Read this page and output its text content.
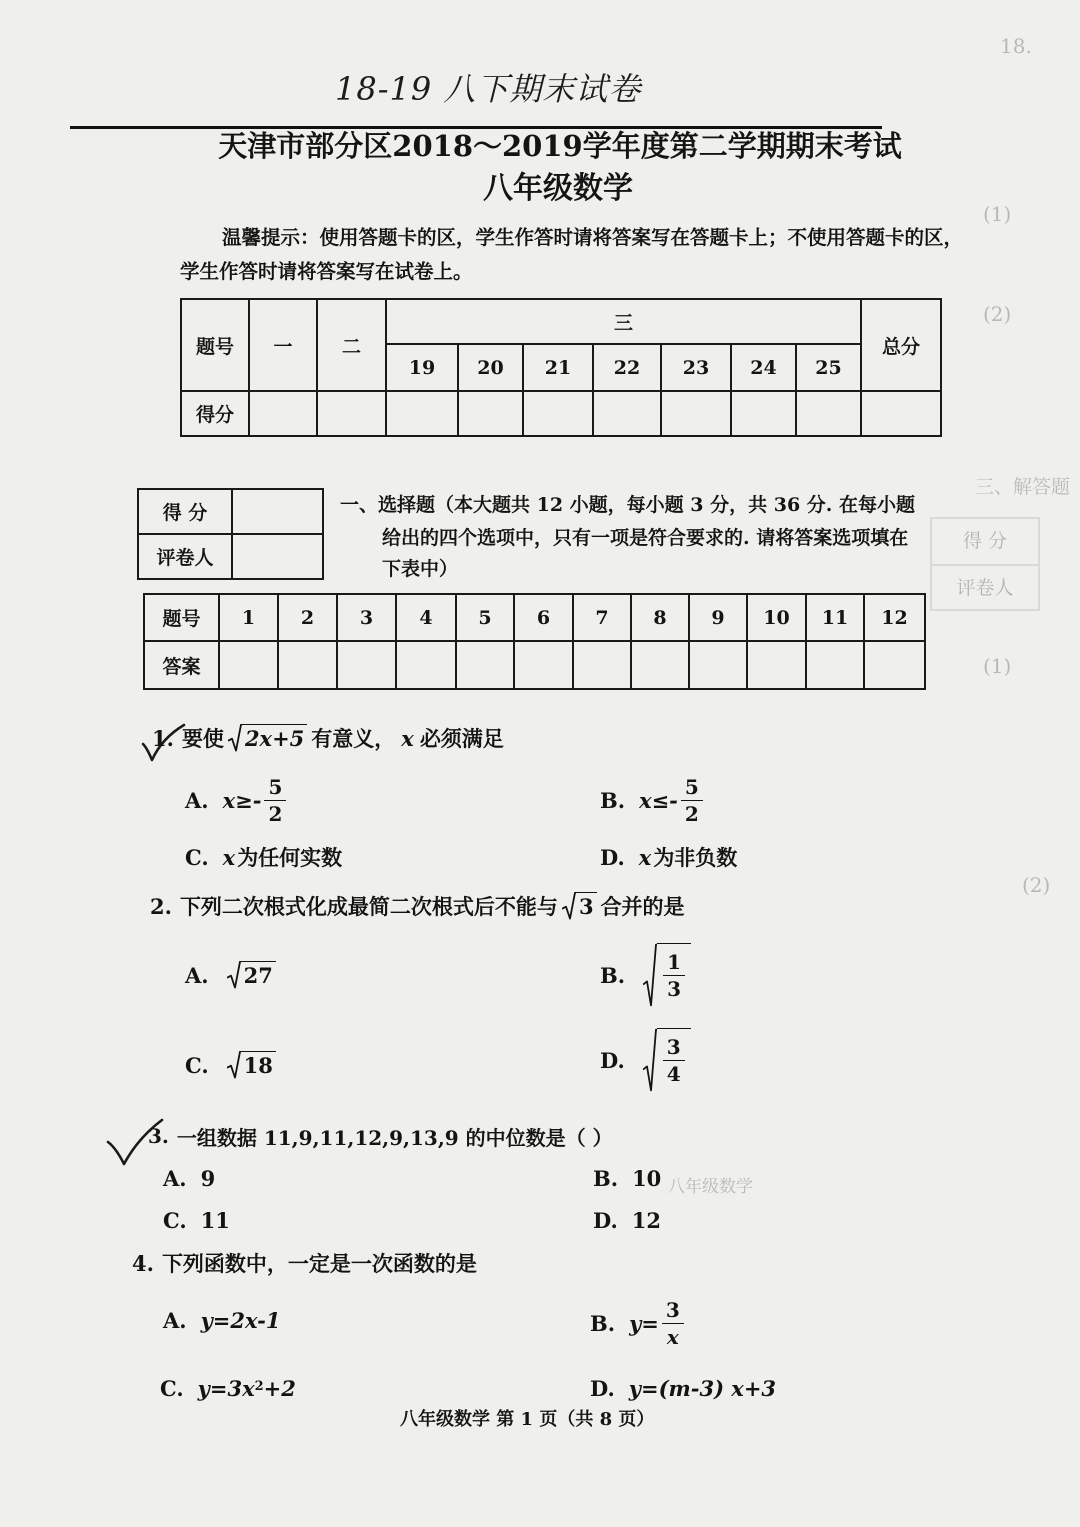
18.
(1)
(2)
三、解答题
得 分
评卷人
(1)
(2)
八年级数学
18-19 八下期末试卷
天津市部分区2018～2019学年度第二学期期末考试
八年级数学
温馨提示：使用答题卡的区，学生作答时请将答案写在答题卡上；不使用答题卡的区，
学生作答时请将答案写在试卷上。
题号	一	二	三							总分
			19	20	21	22	23	24	25	
得分										
得 分	
评卷人	
一、选择题（本大题共 12 小题，每小题 3 分，共 36 分. 在每小题
给出的四个选项中，只有一项是符合要求的. 请将答案选项填在
下表中）
题号	1	2	3	4	5	6	7	8	9	10	11	12
答案												
1. 要使 2x+5 有意义， x 必须满足
A. $x\ge- \frac{5}{2}$	B. $x\le- \frac{5}{2}$
C. x 为任何实数	D. x 为非负数
2. 下列二次根式化成最简二次根式后不能与 3 合并的是
A. 27	B. $\frac{1}{3}$
C. 18	D. $\frac{3}{4}$
3. 一组数据 11,9,11,12,9,13,9 的中位数是（ ）
A. 9	B. 10
C. 11	D. 12
4. 下列函数中，一定是一次函数的是
A. y=2x-1	B. $y= \frac{3}{x}$
C. $y=3x^2 +2$	D. y=(m-3) x+3
八年级数学 第 1 页（共 8 页）
